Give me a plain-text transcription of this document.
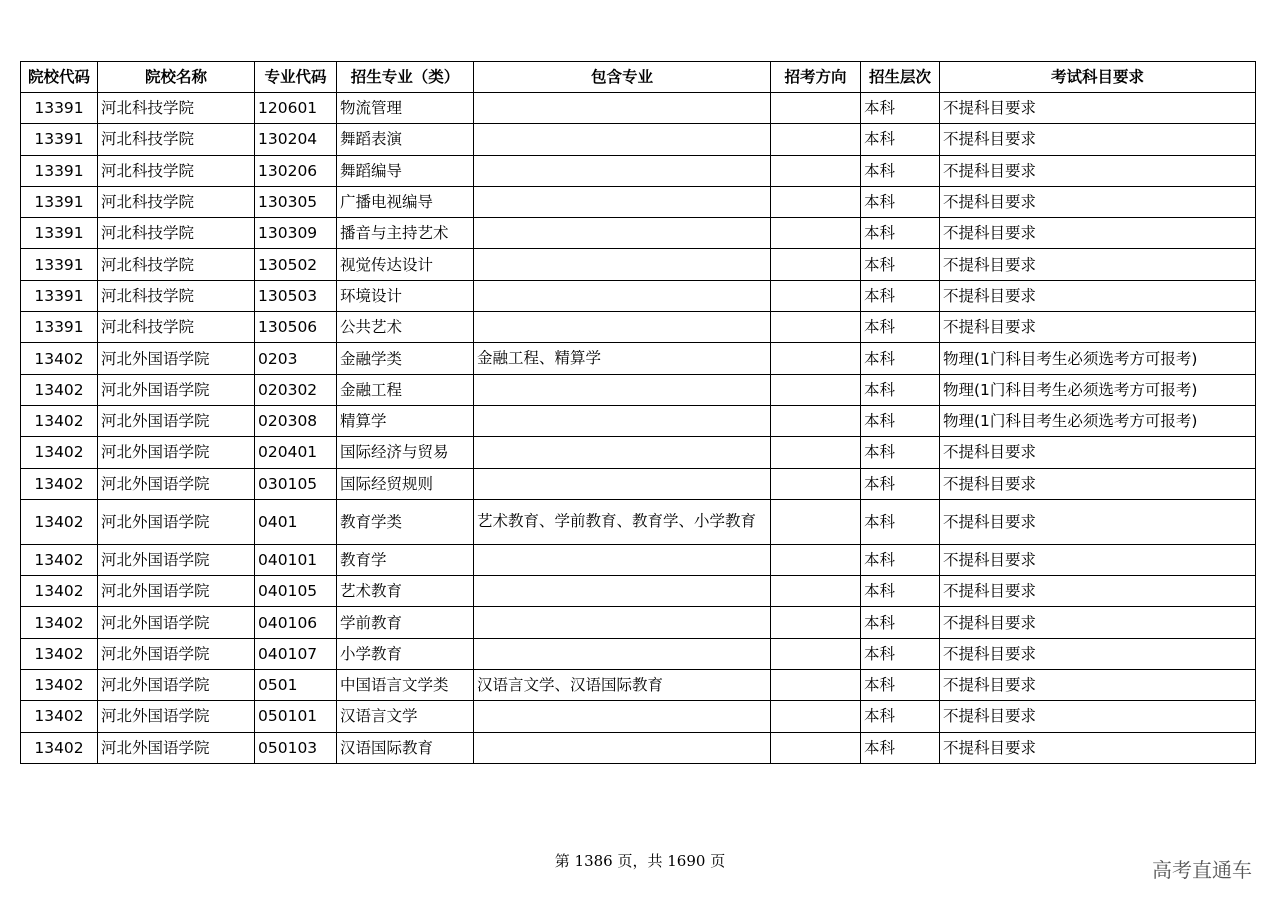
院校代码	院校名称	专业代码	招生专业（类）	包含专业	招考方向	招生层次	考试科目要求
13391	河北科技学院	120601	物流管理			本科	不提科目要求
13391	河北科技学院	130204	舞蹈表演			本科	不提科目要求
13391	河北科技学院	130206	舞蹈编导			本科	不提科目要求
13391	河北科技学院	130305	广播电视编导			本科	不提科目要求
13391	河北科技学院	130309	播音与主持艺术			本科	不提科目要求
13391	河北科技学院	130502	视觉传达设计			本科	不提科目要求
13391	河北科技学院	130503	环境设计			本科	不提科目要求
13391	河北科技学院	130506	公共艺术			本科	不提科目要求
13402	河北外国语学院	0203	金融学类	金融工程、精算学		本科	物理(1门科目考生必须选考方可报考)
13402	河北外国语学院	020302	金融工程			本科	物理(1门科目考生必须选考方可报考)
13402	河北外国语学院	020308	精算学			本科	物理(1门科目考生必须选考方可报考)
13402	河北外国语学院	020401	国际经济与贸易			本科	不提科目要求
13402	河北外国语学院	030105	国际经贸规则			本科	不提科目要求
13402	河北外国语学院	0401	教育学类	艺术教育、学前教育、教育学、小学教育		本科	不提科目要求
13402	河北外国语学院	040101	教育学			本科	不提科目要求
13402	河北外国语学院	040105	艺术教育			本科	不提科目要求
13402	河北外国语学院	040106	学前教育			本科	不提科目要求
13402	河北外国语学院	040107	小学教育			本科	不提科目要求
13402	河北外国语学院	0501	中国语言文学类	汉语言文学、汉语国际教育		本科	不提科目要求
13402	河北外国语学院	050101	汉语言文学			本科	不提科目要求
13402	河北外国语学院	050103	汉语国际教育			本科	不提科目要求
第 1386 页，共 1690 页	高考直通车
